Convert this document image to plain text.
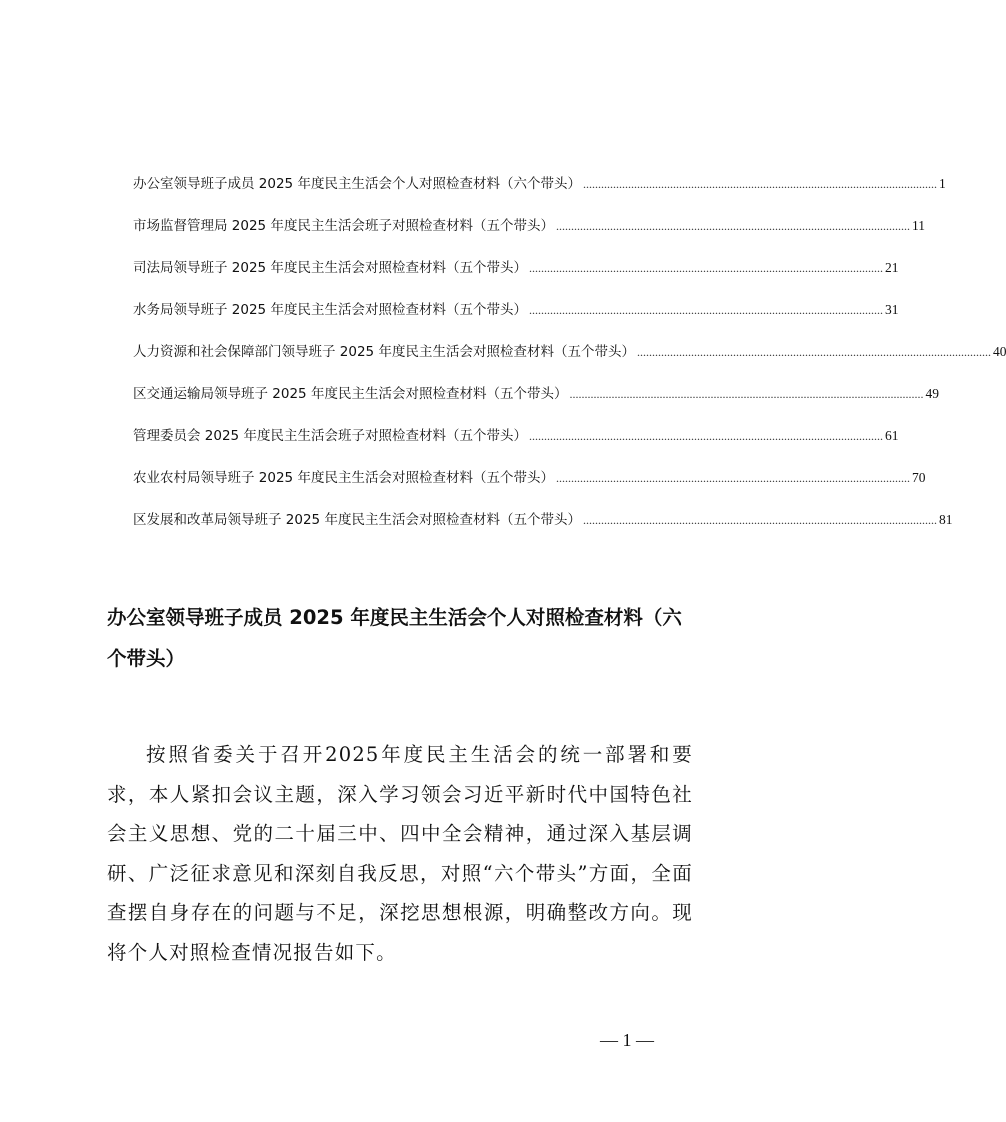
办公室领导班子成员 2025 年度民主生活会个人对照检查材料（六个带头） ...................................................................................................................... 1
市场监督管理局 2025 年度民主生活会班子对照检查材料（五个带头） ...................................................................................................................... 11
司法局领导班子 2025 年度民主生活会对照检查材料（五个带头） ...................................................................................................................... 21
水务局领导班子 2025 年度民主生活会对照检查材料（五个带头） ...................................................................................................................... 31
人力资源和社会保障部门领导班子 2025 年度民主生活会对照检查材料（五个带头） ...................................................................................................................... 40
区交通运输局领导班子 2025 年度民主生活会对照检查材料（五个带头） ...................................................................................................................... 49
管理委员会 2025 年度民主生活会班子对照检查材料（五个带头） ...................................................................................................................... 61
农业农村局领导班子 2025 年度民主生活会对照检查材料（五个带头） ...................................................................................................................... 70
区发展和改革局领导班子 2025 年度民主生活会对照检查材料（五个带头） ...................................................................................................................... 81
办公室领导班子成员 2025 年度民主生活会个人对照检查材料（六个带头）

按照省委关于召开2025年度民主生活会的统一部署和要求，本人紧扣会议主题，深入学习领会习近平新时代中国特色社会主义思想、党的二十届三中、四中全会精神，通过深入基层调研、广泛征求意见和深刻自我反思，对照“六个带头”方面，全面查摆自身存在的问题与不足，深挖思想根源，明确整改方向。现将个人对照检查情况报告如下。

— 1 —
